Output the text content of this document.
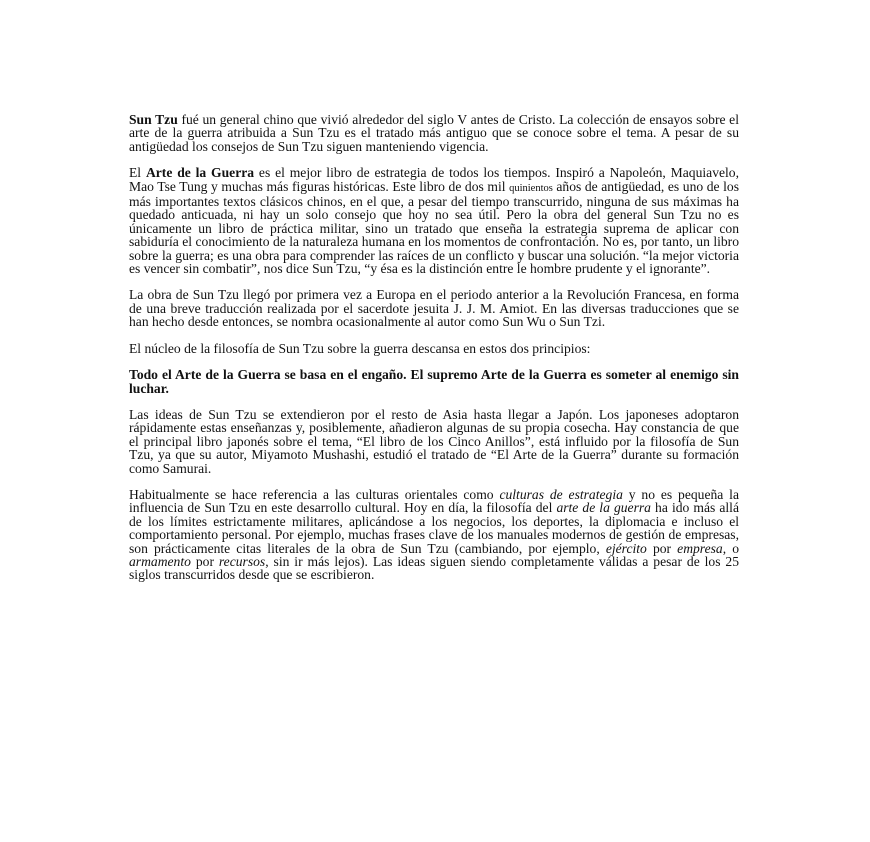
Sun Tzu fué un general chino que vivió alrededor del siglo V antes de Cristo. La colección de ensayos sobre el arte de la guerra atribuida a Sun Tzu es el tratado más antiguo que se conoce sobre el tema. A pesar de su antigüedad los consejos de Sun Tzu siguen manteniendo vigencia.

El Arte de la Guerra es el mejor libro de estrategia de todos los tiempos. Inspiró a Napoleón, Maquiavelo, Mao Tse Tung y muchas más figuras históricas. Este libro de dos mil quinientos años de antigüedad, es uno de los más importantes textos clásicos chinos, en el que, a pesar del tiempo transcurrido, ninguna de sus máximas ha quedado anticuada, ni hay un solo consejo que hoy no sea útil. Pero la obra del general Sun Tzu no es únicamente un libro de práctica militar, sino un tratado que enseña la estrategia suprema de aplicar con sabiduría el conocimiento de la naturaleza humana en los momentos de confrontación. No es, por tanto, un libro sobre la guerra; es una obra para comprender las raíces de un conflicto y buscar una solución. “la mejor victoria es vencer sin combatir”, nos dice Sun Tzu, “y ésa es la distinción entre le hombre prudente y el ignorante”.

La obra de Sun Tzu llegó por primera vez a Europa en el periodo anterior a la Revolución Francesa, en forma de una breve traducción realizada por el sacerdote jesuita J. J. M. Amiot. En las diversas traducciones que se han hecho desde entonces, se nombra ocasionalmente al autor como Sun Wu o Sun Tzi.

El núcleo de la filosofía de Sun Tzu sobre la guerra descansa en estos dos principios:

Todo el Arte de la Guerra se basa en el engaño. El supremo Arte de la Guerra es someter al enemigo sin luchar.

Las ideas de Sun Tzu se extendieron por el resto de Asia hasta llegar a Japón. Los japoneses adoptaron rápidamente estas enseñanzas y, posiblemente, añadieron algunas de su propia cosecha. Hay constancia de que el principal libro japonés sobre el tema, “El libro de los Cinco Anillos”, está influido por la filosofía de Sun Tzu, ya que su autor, Miyamoto Mushashi, estudió el tratado de “El Arte de la Guerra” durante su formación como Samurai.

Habitualmente se hace referencia a las culturas orientales como culturas de estrategia y no es pequeña la influencia de Sun Tzu en este desarrollo cultural. Hoy en día, la filosofía del arte de la guerra ha ido más allá de los límites estrictamente militares, aplicándose a los negocios, los deportes, la diplomacia e incluso el comportamiento personal. Por ejemplo, muchas frases clave de los manuales modernos de gestión de empresas, son prácticamente citas literales de la obra de Sun Tzu (cambiando, por ejemplo, ejército por empresa, o armamento por recursos, sin ir más lejos). Las ideas siguen siendo completamente válidas a pesar de los 25 siglos transcurridos desde que se escribieron.
